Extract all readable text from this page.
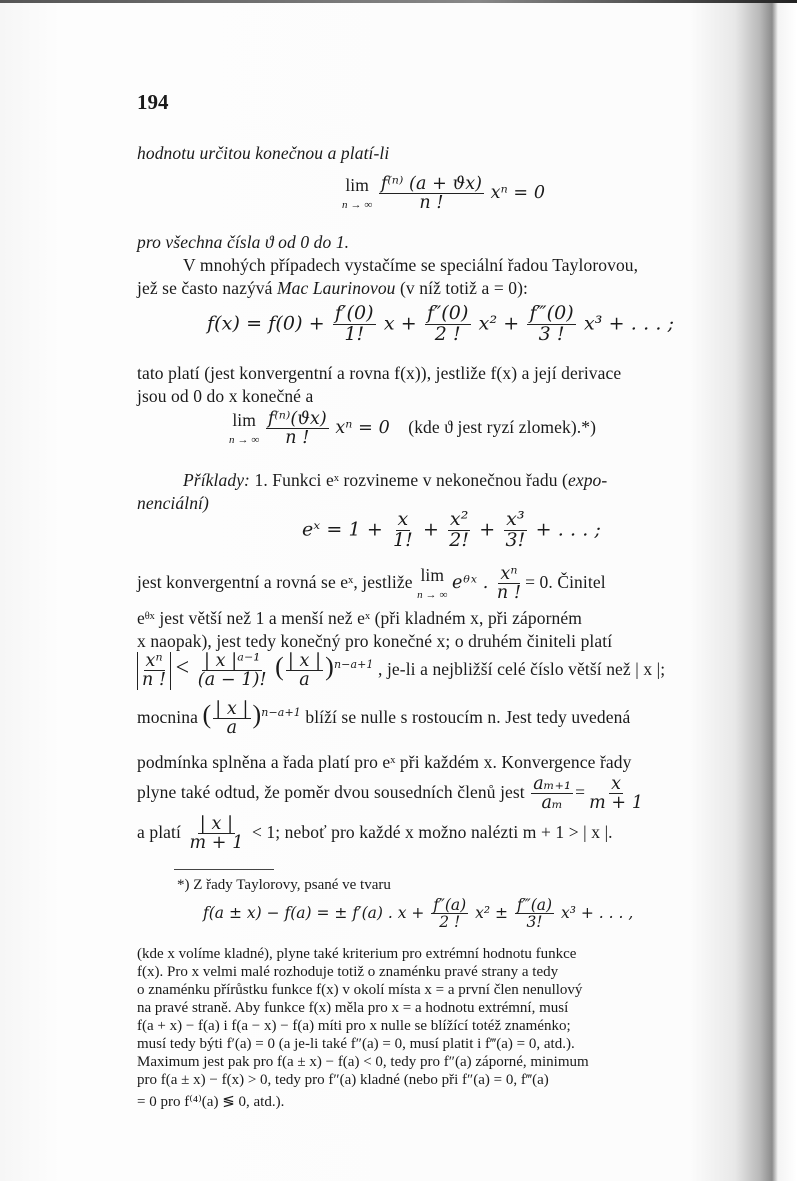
194
hodnotu určitou konečnou a platí-li
lim
n → ∞
$\frac{\text{f⁽ⁿ⁾ (a + ϑx)}}{n !}$ xⁿ = 0
pro všechna čísla ϑ od 0 do 1.
V mnohých případech vystačíme se speciální řadou Taylorovou,
jež se často nazývá Mac Laurinovou (v níž totiž a = 0):
$f(x) = f(0) + \frac{f'(0)}{1!}$ $x + \frac{f''(0)}{2 !} x^2 + \frac{f‴(0)}{3 !} x^3$ + . . . ;
tato platí (jest konvergentní a rovna f(x)), jestliže f(x) a její derivace
jsou od 0 do x konečné a
lim
n → ∞
$\frac{\text{f⁽ⁿ⁾(ϑx)}}{n !}$ xⁿ = 0 (kde ϑ jest ryzí zlomek).*)
Příklady: 1. Funkci eˣ rozvineme v nekonečnou řadu (expo-
nenciální)
eˣ = $1 + \frac{x}{1!} + \frac{\text{x²}}{2!} + \frac{\text{x³}}{3!}$ + . . . ;
jest konvergentní a rovná se eˣ, jestliže lim
n → ∞
eᶿˣ . $\frac{\text{xⁿ}}{n !} = 0$. Činitel
eᶿˣ jest větší než 1 a menší než eˣ (při kladném x, při záporném
x naopak), jest tedy konečný pro konečné x; o druhém činiteli platí
$\frac{\text{xⁿ}}{n !} < \frac{\text{| x |ᵃ⁻¹}}{(a - 1)!}$ ( $\frac{| x |}{a} )^{n-a+1}$ , je-li a nejbližší celé číslo větší než | x |;
mocnina ( $\frac{| x |}{a} )^{n-a+1}$ blíží se nulle s rostoucím n. Jest tedy uvedená
podmínka splněna a řada platí pro eˣ při každém x. Konvergence řady
plyne také odtud, že poměr dvou sousedních členů jest $\frac{\text{aₘ₊₁}}{\text{aₘ}} = \frac{x}{m + 1}$
a platí $\frac{| x |}{m + 1} < 1$; neboť pro každé x možno nalézti m + 1 > | x |.
*) Z řady Taylorovy, psané ve tvaru
f(a ± x) − f(a) = ± f′(a) . $x + \frac{f''(a)}{2 !} x^2 \pm \frac{f‴(a)}{3!} x^3$ + . . . ,
(kde x volíme kladné), plyne také kriterium pro extrémní hodnotu funkce
f(x). Pro x velmi malé rozhoduje totiž o znaménku pravé strany a tedy
o znaménku přírůstku funkce f(x) v okolí místa x = a první člen nenullový
na pravé straně. Aby funkce f(x) měla pro x = a hodnotu extrémní, musí
f(a + x) − f(a) i f(a − x) − f(a) míti pro x nulle se blížící totéž znaménko;
musí tedy býti f′(a) = 0 (a je-li také f″(a) = 0, musí platit i f‴(a) = 0, atd.).
Maximum jest pak pro f(a ± x) − f(a) < 0, tedy pro f″(a) záporné, minimum
pro f(a ± x) − f(x) > 0, tedy pro f″(a) kladné (nebo při f″(a) = 0, f‴(a)
= 0 pro f⁽⁴⁾(a) ≶ 0, atd.).
